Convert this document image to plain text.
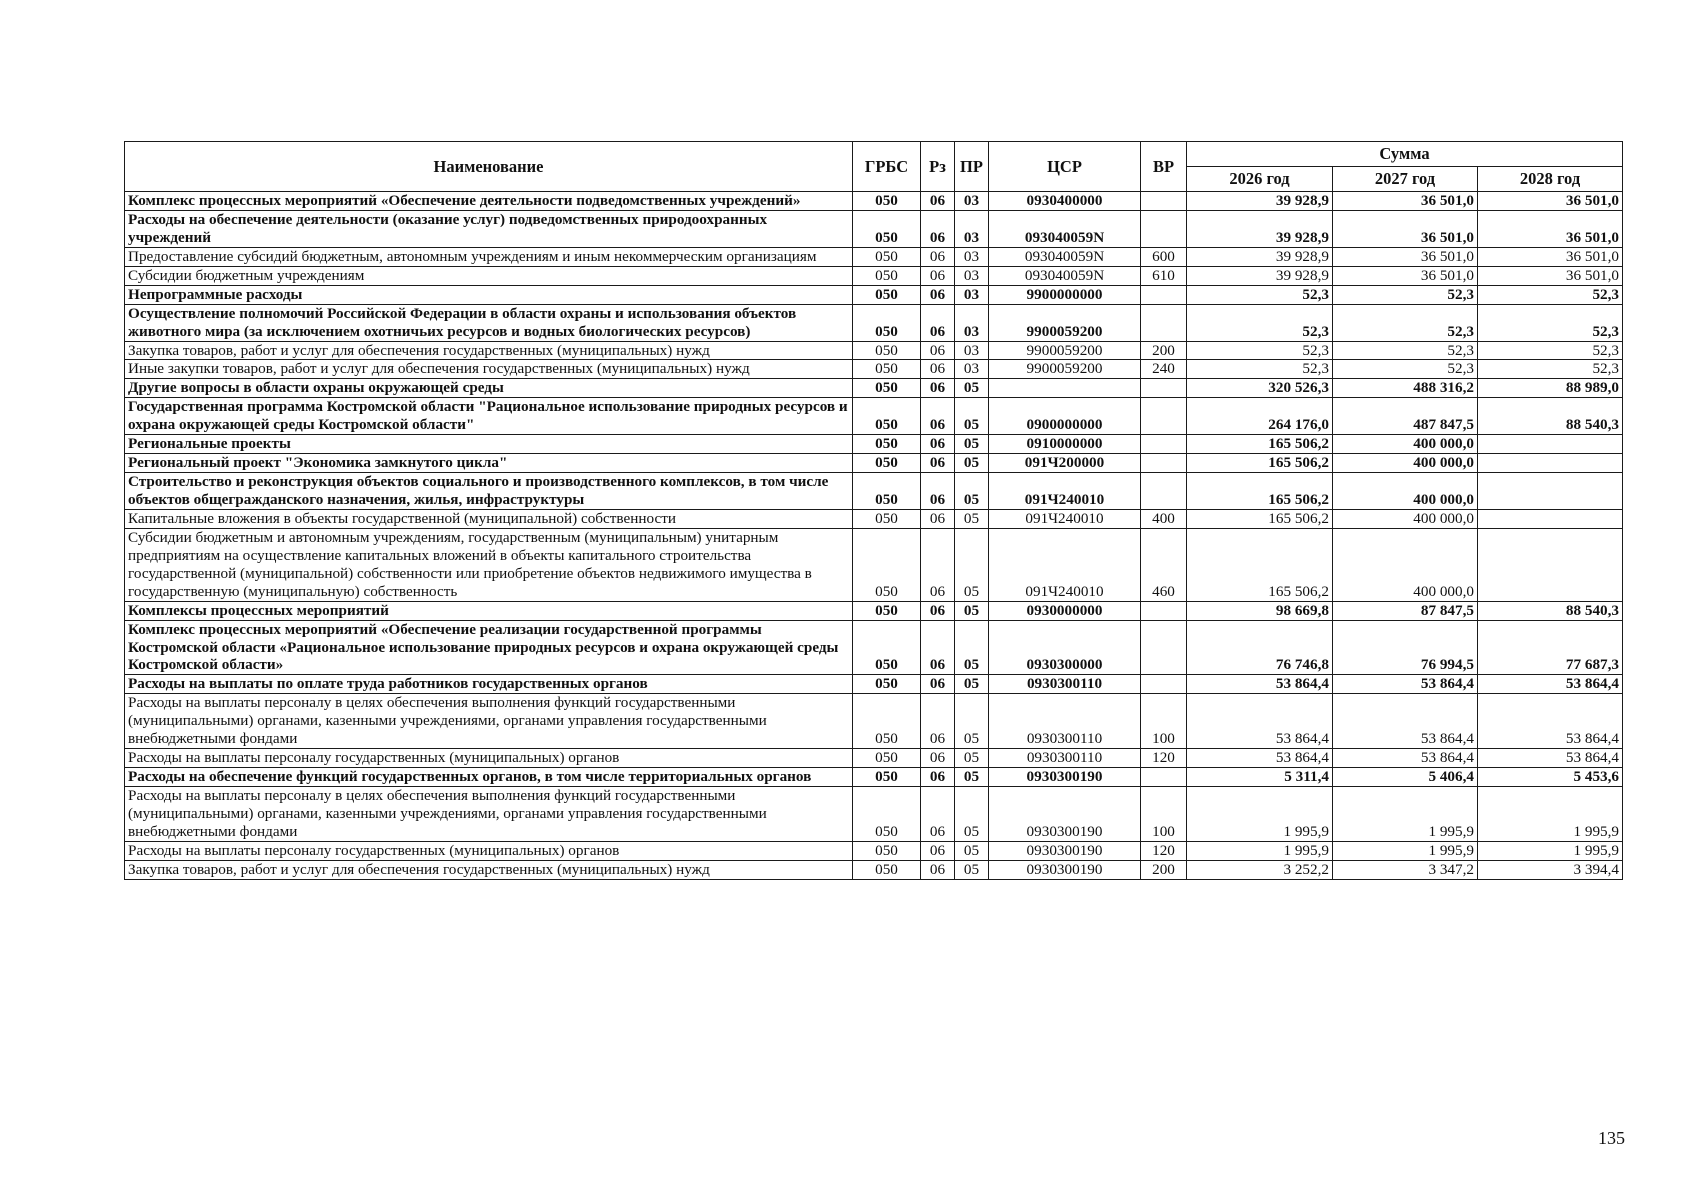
Наименование	ГРБС	Рз	ПР	ЦСР	ВР	Сумма		
						2026 год	2027 год	2028 год
Комплекс процессных мероприятий «Обеспечение деятельности подведомственных учреждений»	050	06	03	0930400000		39 928,9	36 501,0	36 501,0
Расходы на обеспечение деятельности (оказание услуг) подведомственных природоохранных учреждений	050	06	03	093040059N		39 928,9	36 501,0	36 501,0
Предоставление субсидий бюджетным, автономным учреждениям и иным некоммерческим организациям	050	06	03	093040059N	600	39 928,9	36 501,0	36 501,0
Субсидии бюджетным учреждениям	050	06	03	093040059N	610	39 928,9	36 501,0	36 501,0
Непрограммные расходы	050	06	03	9900000000		52,3	52,3	52,3
Осуществление полномочий Российской Федерации в области охраны и использования объектов животного мира (за исключением охотничьих ресурсов и водных биологических ресурсов)	050	06	03	9900059200		52,3	52,3	52,3
Закупка товаров, работ и услуг для обеспечения государственных (муниципальных) нужд	050	06	03	9900059200	200	52,3	52,3	52,3
Иные закупки товаров, работ и услуг для обеспечения государственных (муниципальных) нужд	050	06	03	9900059200	240	52,3	52,3	52,3
Другие вопросы в области охраны окружающей среды	050	06	05			320 526,3	488 316,2	88 989,0
Государственная программа Костромской области "Рациональное использование природных ресурсов и охрана окружающей среды Костромской области"	050	06	05	0900000000		264 176,0	487 847,5	88 540,3
Региональные проекты	050	06	05	0910000000		165 506,2	400 000,0	
Региональный проект "Экономика замкнутого цикла"	050	06	05	091Ч200000		165 506,2	400 000,0	
Строительство и реконструкция объектов социального и производственного комплексов, в том числе объектов общегражданского назначения, жилья, инфраструктуры	050	06	05	091Ч240010		165 506,2	400 000,0	
Капитальные вложения в объекты государственной (муниципальной) собственности	050	06	05	091Ч240010	400	165 506,2	400 000,0	
Субсидии бюджетным и автономным учреждениям, государственным (муниципальным) унитарным предприятиям на осуществление капитальных вложений в объекты капитального строительства государственной (муниципальной) собственности или приобретение объектов недвижимого имущества в государственную (муниципальную) собственность	050	06	05	091Ч240010	460	165 506,2	400 000,0	
Комплексы процессных мероприятий	050	06	05	0930000000		98 669,8	87 847,5	88 540,3
Комплекс процессных мероприятий «Обеспечение реализации государственной программы Костромской области «Рациональное использование природных ресурсов и охрана окружающей среды Костромской области»	050	06	05	0930300000		76 746,8	76 994,5	77 687,3
Расходы на выплаты по оплате труда работников государственных органов	050	06	05	0930300110		53 864,4	53 864,4	53 864,4
Расходы на выплаты персоналу в целях обеспечения выполнения функций государственными (муниципальными) органами, казенными учреждениями, органами управления государственными внебюджетными фондами	050	06	05	0930300110	100	53 864,4	53 864,4	53 864,4
Расходы на выплаты персоналу государственных (муниципальных) органов	050	06	05	0930300110	120	53 864,4	53 864,4	53 864,4
Расходы на обеспечение функций государственных органов, в том числе территориальных органов	050	06	05	0930300190		5 311,4	5 406,4	5 453,6
Расходы на выплаты персоналу в целях обеспечения выполнения функций государственными (муниципальными) органами, казенными учреждениями, органами управления государственными внебюджетными фондами	050	06	05	0930300190	100	1 995,9	1 995,9	1 995,9
Расходы на выплаты персоналу государственных (муниципальных) органов	050	06	05	0930300190	120	1 995,9	1 995,9	1 995,9
Закупка товаров, работ и услуг для обеспечения государственных (муниципальных) нужд	050	06	05	0930300190	200	3 252,2	3 347,2	3 394,4
135
